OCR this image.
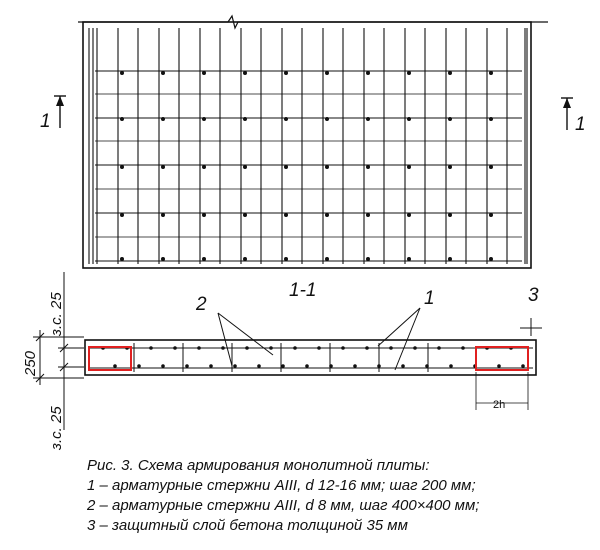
1	1
1-1
2	1	3
250
з.с. 25
з.с. 25
2h
Рис. 3. Схема армирования монолитной плиты:
1 – арматурные стержни AIII, d 12-16 мм; шаг 200 мм;
2 – арматурные стержни AIII, d 8 мм, шаг 400×400 мм;
3 – защитный слой бетона толщиной 35 мм
